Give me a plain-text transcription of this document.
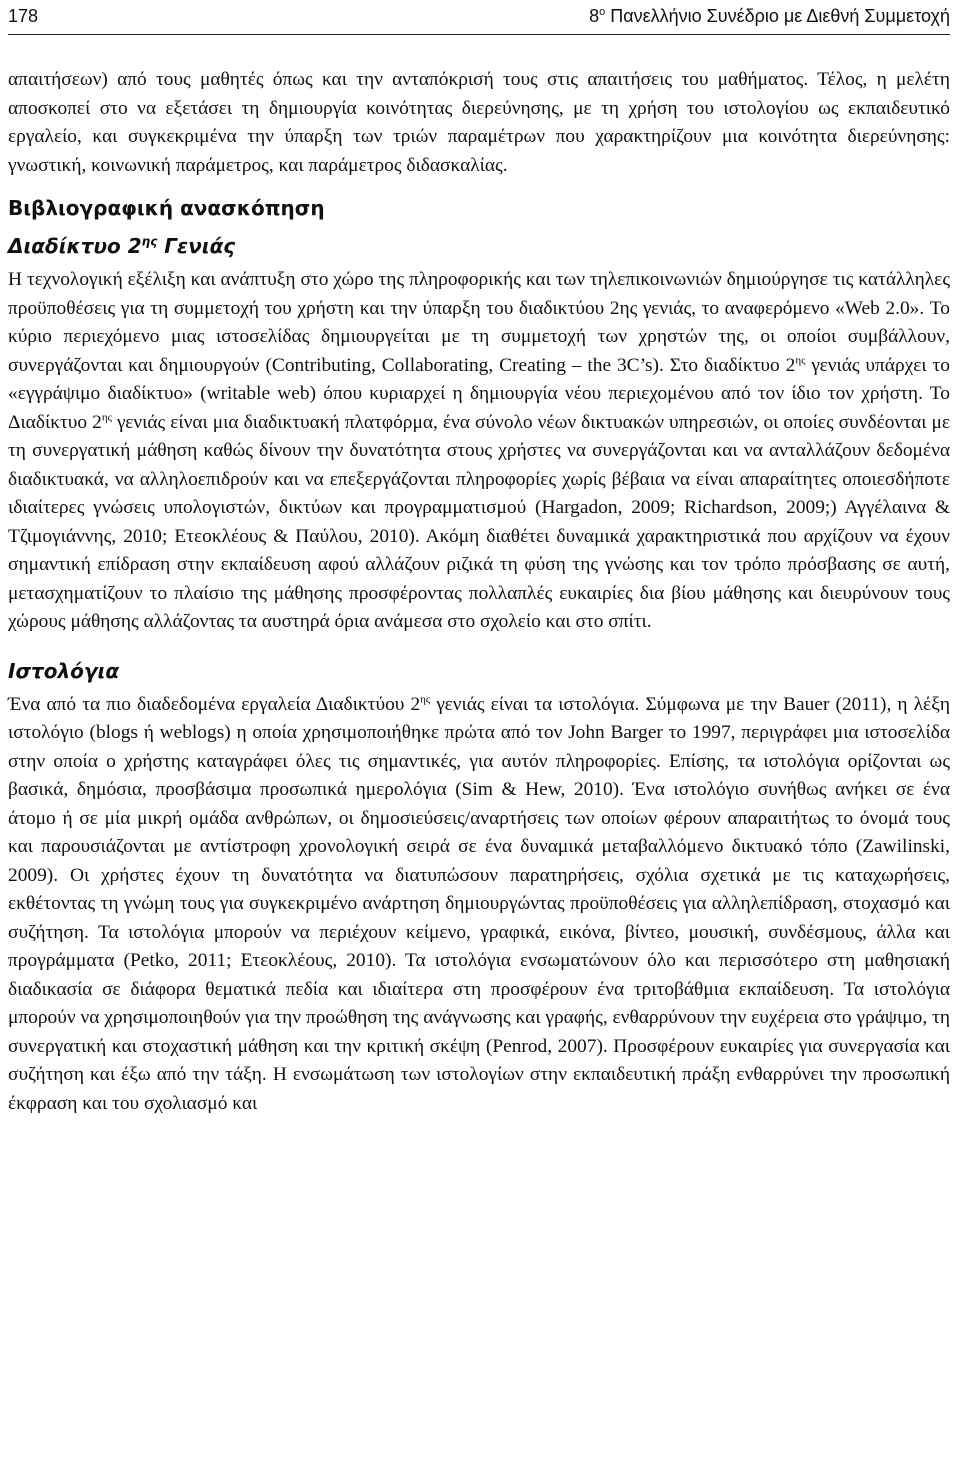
178	$8^o$ Πανελλήνιο Συνέδριο με Διεθνή Συμμετοχή

απαιτήσεων) από τους μαθητές όπως και την ανταπόκρισή τους στις απαιτήσεις του μαθήματος. Τέλος, η μελέτη αποσκοπεί στο να εξετάσει τη δημιουργία κοινότητας διερεύνησης, με τη χρήση του ιστολογίου ως εκπαιδευτικό εργαλείο, και συγκεκριμένα την ύπαρξη των τριών παραμέτρων που χαρακτηρίζουν μια κοινότητα διερεύνησης: γνωστική, κοινωνική παράμετρος, και παράμετρος διδασκαλίας.

Βιβλιογραφική ανασκόπηση
Διαδίκτυο $2^{\eta\varsigma}$ Γενιάς

Η τεχνολογική εξέλιξη και ανάπτυξη στο χώρο της πληροφορικής και των τηλεπικοινωνιών δημιούργησε τις κατάλληλες προϋποθέσεις για τη συμμετοχή του χρήστη και την ύπαρξη του διαδικτύου 2ης γενιάς, το αναφερόμενο «Web 2.0». Το κύριο περιεχόμενο μιας ιστοσελίδας δημιουργείται με τη συμμετοχή των χρηστών της, οι οποίοι συμβάλλουν, συνεργάζονται και δημιουργούν (Contributing, Collaborating, Creating – the 3C’s). Στο διαδίκτυο $2^{\eta\varsigma}$ γενιάς υπάρχει το «εγγράψιμο διαδίκτυο» (writable web) όπου κυριαρχεί η δημιουργία νέου περιεχομένου από τον ίδιο τον χρήστη. Το Διαδίκτυο $2^{\eta\varsigma}$ γενιάς είναι μια διαδικτυακή πλατφόρμα, ένα σύνολο νέων δικτυακών υπηρεσιών, οι οποίες συνδέονται με τη συνεργατική μάθηση καθώς δίνουν την δυνατότητα στους χρήστες να συνεργάζονται και να ανταλλάζουν δεδομένα διαδικτυακά, να αλληλοεπιδρούν και να επεξεργάζονται πληροφορίες χωρίς βέβαια να είναι απαραίτητες οποιεσδήποτε ιδιαίτερες γνώσεις υπολογιστών, δικτύων και προγραμματισμού (Hargadon, 2009; Richardson, 2009;) Αγγέλαινα & Τζιμογιάννης, 2010; Ετεοκλέους & Παύλου, 2010). Ακόμη διαθέτει δυναμικά χαρακτηριστικά που αρχίζουν να έχουν σημαντική επίδραση στην εκπαίδευση αφού αλλάζουν ριζικά τη φύση της γνώσης και τον τρόπο πρόσβασης σε αυτή, μετασχηματίζουν το πλαίσιο της μάθησης προσφέροντας πολλαπλές ευκαιρίες δια βίου μάθησης και διευρύνουν τους χώρους μάθησης αλλάζοντας τα αυστηρά όρια ανάμεσα στο σχολείο και στο σπίτι.

Ιστολόγια

Ένα από τα πιο διαδεδομένα εργαλεία Διαδικτύου $2^{\eta\varsigma}$ γενιάς είναι τα ιστολόγια. Σύμφωνα με την Bauer (2011), η λέξη ιστολόγιο (blogs ή weblogs) η οποία χρησιμοποιήθηκε πρώτα από τον John Barger το 1997, περιγράφει μια ιστοσελίδα στην οποία ο χρήστης καταγράφει όλες τις σημαντικές, για αυτόν πληροφορίες. Επίσης, τα ιστολόγια ορίζονται ως βασικά, δημόσια, προσβάσιμα προσωπικά ημερολόγια (Sim & Hew, 2010). Ένα ιστολόγιο συνήθως ανήκει σε ένα άτομο ή σε μία μικρή ομάδα ανθρώπων, οι δημοσιεύσεις/αναρτήσεις των οποίων φέρουν απαραιτήτως το όνομά τους και παρουσιάζονται με αντίστροφη χρονολογική σειρά σε ένα δυναμικά μεταβαλλόμενο δικτυακό τόπο (Zawilinski, 2009). Οι χρήστες έχουν τη δυνατότητα να διατυπώσουν παρατηρήσεις, σχόλια σχετικά με τις καταχωρήσεις, εκθέτοντας τη γνώμη τους για συγκεκριμένο ανάρτηση δημιουργώντας προϋποθέσεις για αλληλεπίδραση, στοχασμό και συζήτηση. Τα ιστολόγια μπορούν να περιέχουν κείμενο, γραφικά, εικόνα, βίντεο, μουσική, συνδέσμους, άλλα και προγράμματα (Petko, 2011; Ετεοκλέους, 2010). Τα ιστολόγια ενσωματώνουν όλο και περισσότερο στη μαθησιακή διαδικασία σε διάφορα θεματικά πεδία και ιδιαίτερα στη προσφέρουν ένα τριτοβάθμια εκπαίδευση. Τα ιστολόγια μπορούν να χρησιμοποιηθούν για την προώθηση της ανάγνωσης και γραφής, ενθαρρύνουν την ευχέρεια στο γράψιμο, τη συνεργατική και στοχαστική μάθηση και την κριτική σκέψη (Penrod, 2007). Προσφέρουν ευκαιρίες για συνεργασία και συζήτηση και έξω από την τάξη. Η ενσωμάτωση των ιστολογίων στην εκπαιδευτική πράξη ενθαρρύνει την προσωπική έκφραση και του σχολιασμό και
